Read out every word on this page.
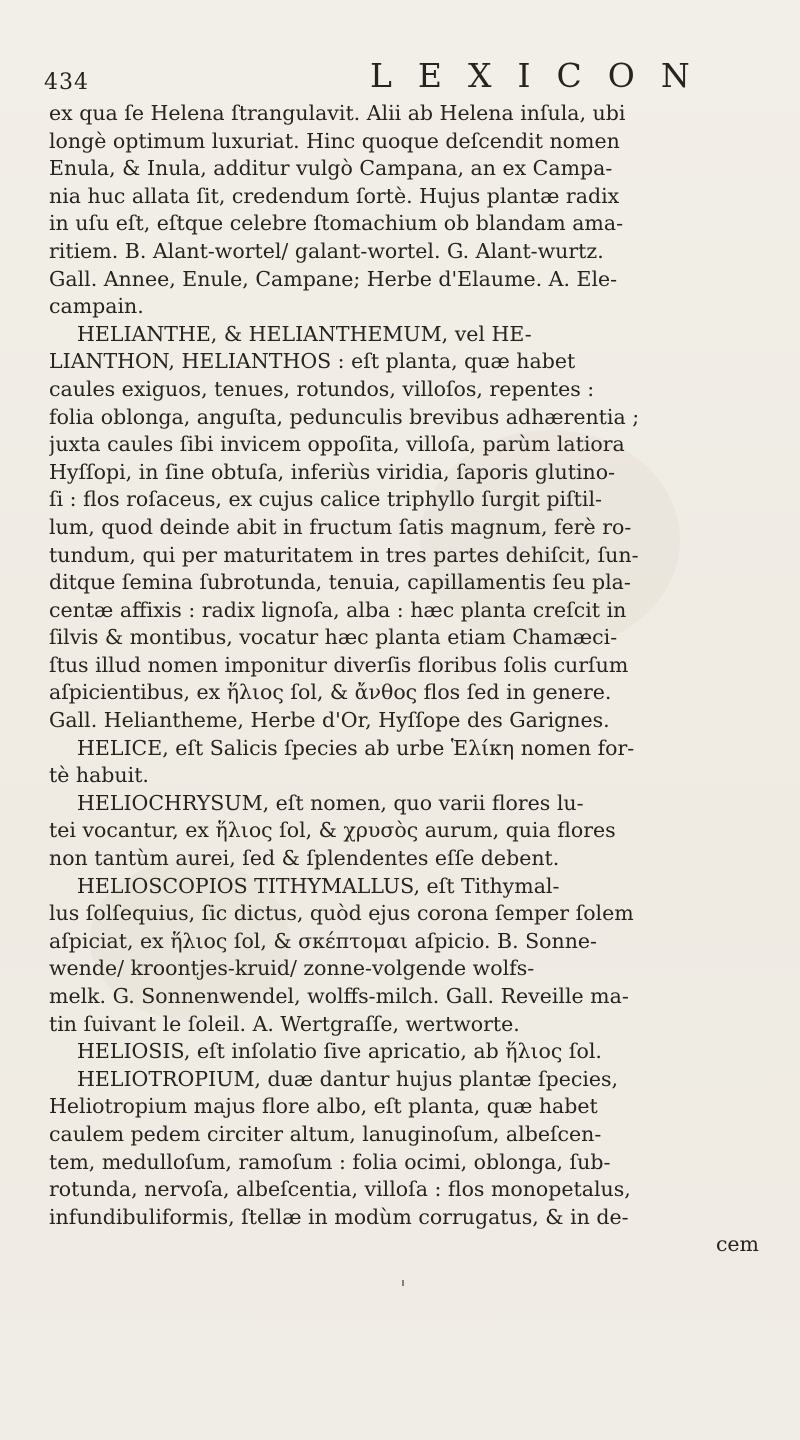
434	LEXICON
ex qua ſe Helena ſtrangulavit. Alii ab Helena inſula, ubi
longè optimum luxuriat. Hinc quoque deſcendit nomen
Enula, & Inula, additur vulgò Campana, an ex Campa-
nia huc allata ſit, credendum ſortè. Hujus plantæ radix
in uſu eſt, eſtque celebre ſtomachium ob blandam ama-
ritiem. B. Alant-wortel/ galant-wortel. G. Alant-wurtz.
Gall. Annee, Enule, Campane; Herbe d'Elaume. A. Ele-
campain.
HELIANTHE, & HELIANTHEMUM, vel HE-
LIANTHON, HELIANTHOS : eſt planta, quæ habet
caules exiguos, tenues, rotundos, villoſos, repentes :
folia oblonga, anguſta, pedunculis brevibus adhærentia ;
juxta caules ſibi invicem oppoſita, villoſa, parùm latiora
Hyſſopi, in ſine obtuſa, inferiùs viridia, ſaporis glutino-
ſi : flos roſaceus, ex cujus calice triphyllo ſurgit piſtil-
lum, quod deinde abit in fructum ſatis magnum, ferè ro-
tundum, qui per maturitatem in tres partes dehiſcit, ſun-
ditque ſemina ſubrotunda, tenuia, capillamentis ſeu pla-
centæ affixis : radix lignoſa, alba : hæc planta creſcit in
ſilvis & montibus, vocatur hæc planta etiam Chamæci-
ſtus illud nomen imponitur diverſis floribus ſolis curſum
aſpicientibus, ex ἥλιος ſol, & ἄνθος flos ſed in genere.
Gall. Heliantheme, Herbe d'Or, Hyſſope des Garignes.
HELICE, eſt Salicis ſpecies ab urbe Ἑλίκη nomen for-
tè habuit.
HELIOCHRYSUM, eſt nomen, quo varii flores lu-
tei vocantur, ex ἥλιος ſol, & χρυσὸς aurum, quia flores
non tantùm aurei, ſed & ſplendentes eſſe debent.
HELIOSCOPIOS TITHYMALLUS, eſt Tithymal-
lus ſolſequius, ſic dictus, quòd ejus corona ſemper ſolem
aſpiciat, ex ἥλιος ſol, & σκέπτομαι aſpicio. B. Sonne-
wende/ kroontjes-kruid/ zonne-volgende wolfs-
melk. G. Sonnenwendel, wolffs-milch. Gall. Reveille ma-
tin ſuivant le ſoleil. A. Wertgraſſe, wertworte.
HELIOSIS, eſt inſolatio ſive apricatio, ab ἥλιος ſol.
HELIOTROPIUM, duæ dantur hujus plantæ ſpecies,
Heliotropium majus flore albo, eſt planta, quæ habet
caulem pedem circiter altum, lanuginoſum, albeſcen-
tem, medulloſum, ramoſum : folia ocimi, oblonga, ſub-
rotunda, nervoſa, albeſcentia, villoſa : flos monopetalus,
infundibuliformis, ſtellæ in modùm corrugatus, & in de-
cem
